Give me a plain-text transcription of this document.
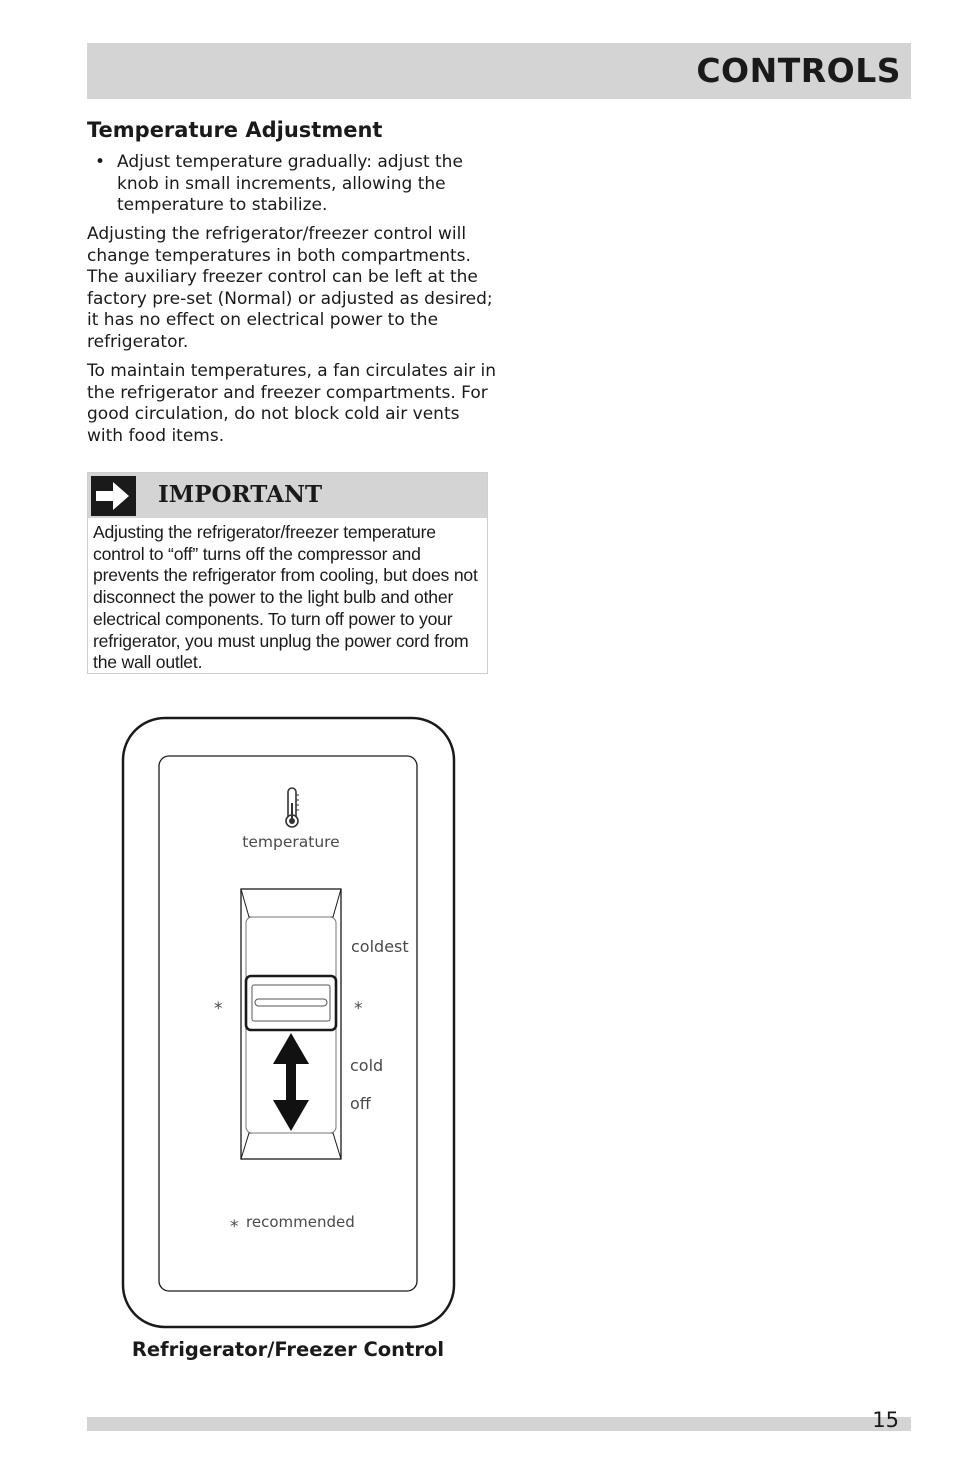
CONTROLS
Temperature Adjustment
• Adjust temperature gradually: adjust the knob in small increments, allowing the temperature to stabilize.

Adjusting the refrigerator/freezer control will change temperatures in both compartments. The auxiliary freezer control can be left at the factory pre-set (Normal) or adjusted as desired; it has no effect on electrical power to the refrigerator.

To maintain temperatures, a fan circulates air in the refrigerator and freezer compartments. For good circulation, do not block cold air vents with food items.

IMPORTANT

Adjusting the refrigerator/freezer temperature control to “off” turns off the compressor and prevents the refrigerator from cooling, but does not disconnect the power to the light bulb and other electrical components. To turn off power to your refrigerator, you must unplug the power cord from the wall outlet.

temperature
coldest
*	*
cold
off
* recommended
Refrigerator/Freezer Control
15
